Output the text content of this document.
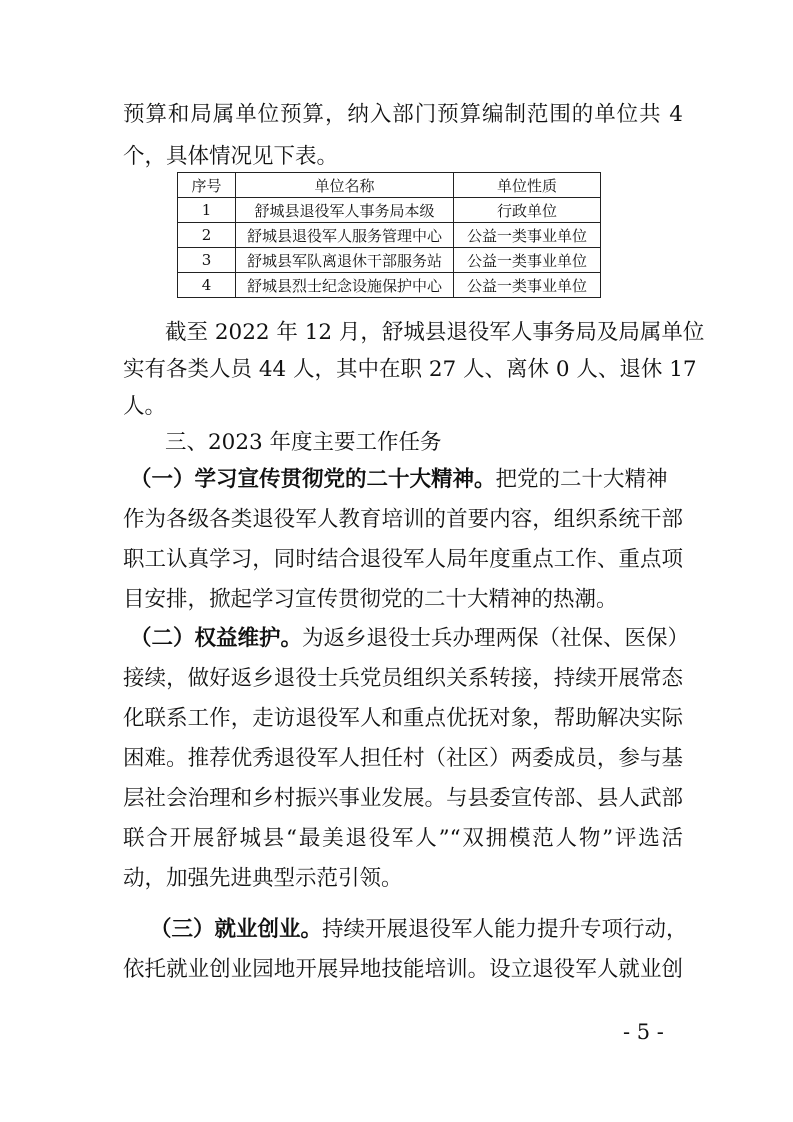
预算和局属单位预算，纳入部门预算编制范围的单位共 4
个，具体情况见下表。
序号	单位名称	单位性质
1	舒城县退役军人事务局本级	行政单位
2	舒城县退役军人服务管理中心	公益一类事业单位
3	舒城县军队离退休干部服务站	公益一类事业单位
4	舒城县烈士纪念设施保护中心	公益一类事业单位
截至 2022 年 12 月，舒城县退役军人事务局及局属单位
实有各类人员 44 人，其中在职 27 人、离休 0 人、退休 17
人。
三、2023 年度主要工作任务
（一）学习宣传贯彻党的二十大精神。把党的二十大精神
作为各级各类退役军人教育培训的首要内容，组织系统干部
职工认真学习，同时结合退役军人局年度重点工作、重点项
目安排，掀起学习宣传贯彻党的二十大精神的热潮。
（二）权益维护。为返乡退役士兵办理两保（社保、医保）
接续，做好返乡退役士兵党员组织关系转接，持续开展常态
化联系工作，走访退役军人和重点优抚对象，帮助解决实际
困难。推荐优秀退役军人担任村（社区）两委成员，参与基
层社会治理和乡村振兴事业发展。与县委宣传部、县人武部
联合开展舒城县“最美退役军人”“双拥模范人物”评选活
动，加强先进典型示范引领。
（三）就业创业。持续开展退役军人能力提升专项行动，
依托就业创业园地开展异地技能培训。设立退役军人就业创
- 5 -
